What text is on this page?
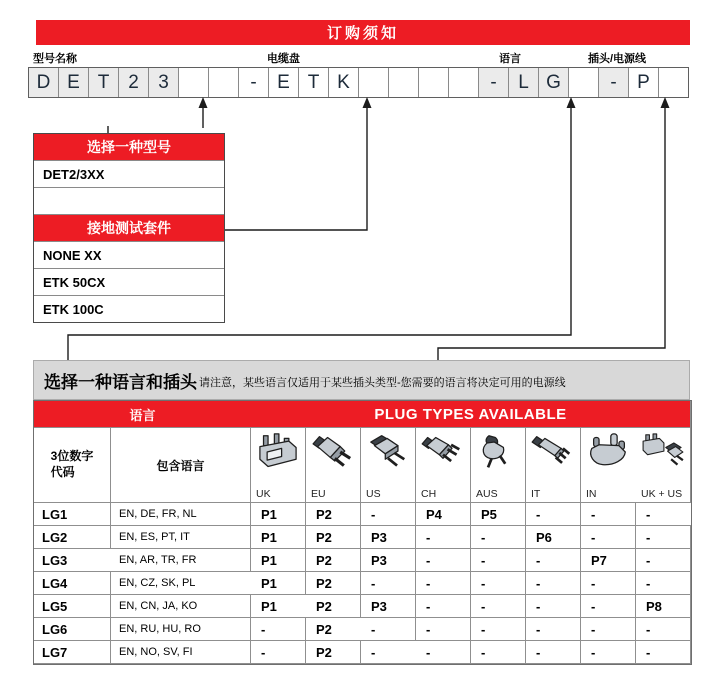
订购须知
型号名称	电缆盘	语言	插头/电源线
D E T 2	3	-	E T K	-	L G	-	P
选择一种型号
DET2/3XX
接地测试套件
NONE XX
ETK 50CX
ETK 100C
选择一种语言和插头 请注意，某些语言仅适用于某些插头类型-您需要的语言将决定可用的电源线
语言	PLUG TYPES AVAILABLE
3位数字
代码	包含语言
UK	EU	US	CH	AUS	IT	IN	UK + US
LG1	EN, DE, FR, NL	P1	P2	-	P4	P5	-	-	-
LG2	EN, ES, PT, IT	P1	P2	P3	-	-	P6	-	-
LG3	EN, AR, TR, FR	P1	P2	P3	-	-	-	P7	-
LG4	EN, CZ, SK, PL	P1	P2	-	-	-	-	-	-
LG5	EN, CN, JA, KO	P1	P2	P3	-	-	-	-	P8
LG6	EN, RU, HU, RO	-	P2	-	-	-	-	-	-
LG7	EN, NO, SV, FI	-	P2	-	-	-	-	-	-
